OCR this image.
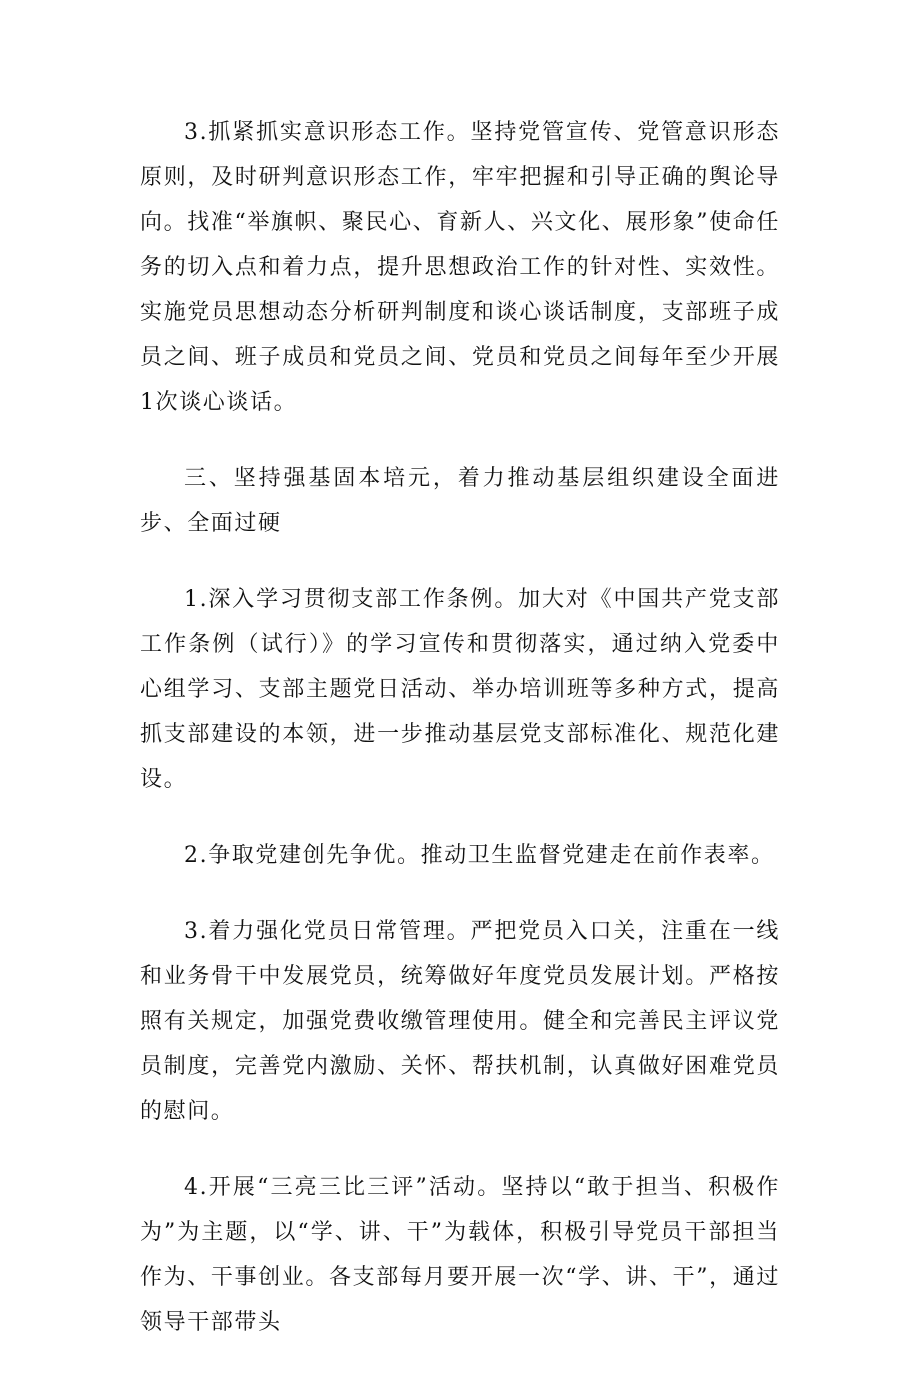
3.抓紧抓实意识形态工作。坚持党管宣传、党管意识形态原则，及时研判意识形态工作，牢牢把握和引导正确的舆论导向。找准“举旗帜、聚民心、育新人、兴文化、展形象”使命任务的切入点和着力点，提升思想政治工作的针对性、实效性。实施党员思想动态分析研判制度和谈心谈话制度，支部班子成员之间、班子成员和党员之间、党员和党员之间每年至少开展1次谈心谈话。

三、坚持强基固本培元，着力推动基层组织建设全面进步、全面过硬

1.深入学习贯彻支部工作条例。加大对《中国共产党支部工作条例（试行）》的学习宣传和贯彻落实，通过纳入党委中心组学习、支部主题党日活动、举办培训班等多种方式，提高抓支部建设的本领，进一步推动基层党支部标准化、规范化建设。

2.争取党建创先争优。推动卫生监督党建走在前作表率。

3.着力强化党员日常管理。严把党员入口关，注重在一线和业务骨干中发展党员，统筹做好年度党员发展计划。严格按照有关规定，加强党费收缴管理使用。健全和完善民主评议党员制度，完善党内激励、关怀、帮扶机制，认真做好困难党员的慰问。

4.开展“三亮三比三评”活动。坚持以“敢于担当、积极作为”为主题，以“学、讲、干”为载体，积极引导党员干部担当作为、干事创业。各支部每月要开展一次“学、讲、干”，通过领导干部带头
